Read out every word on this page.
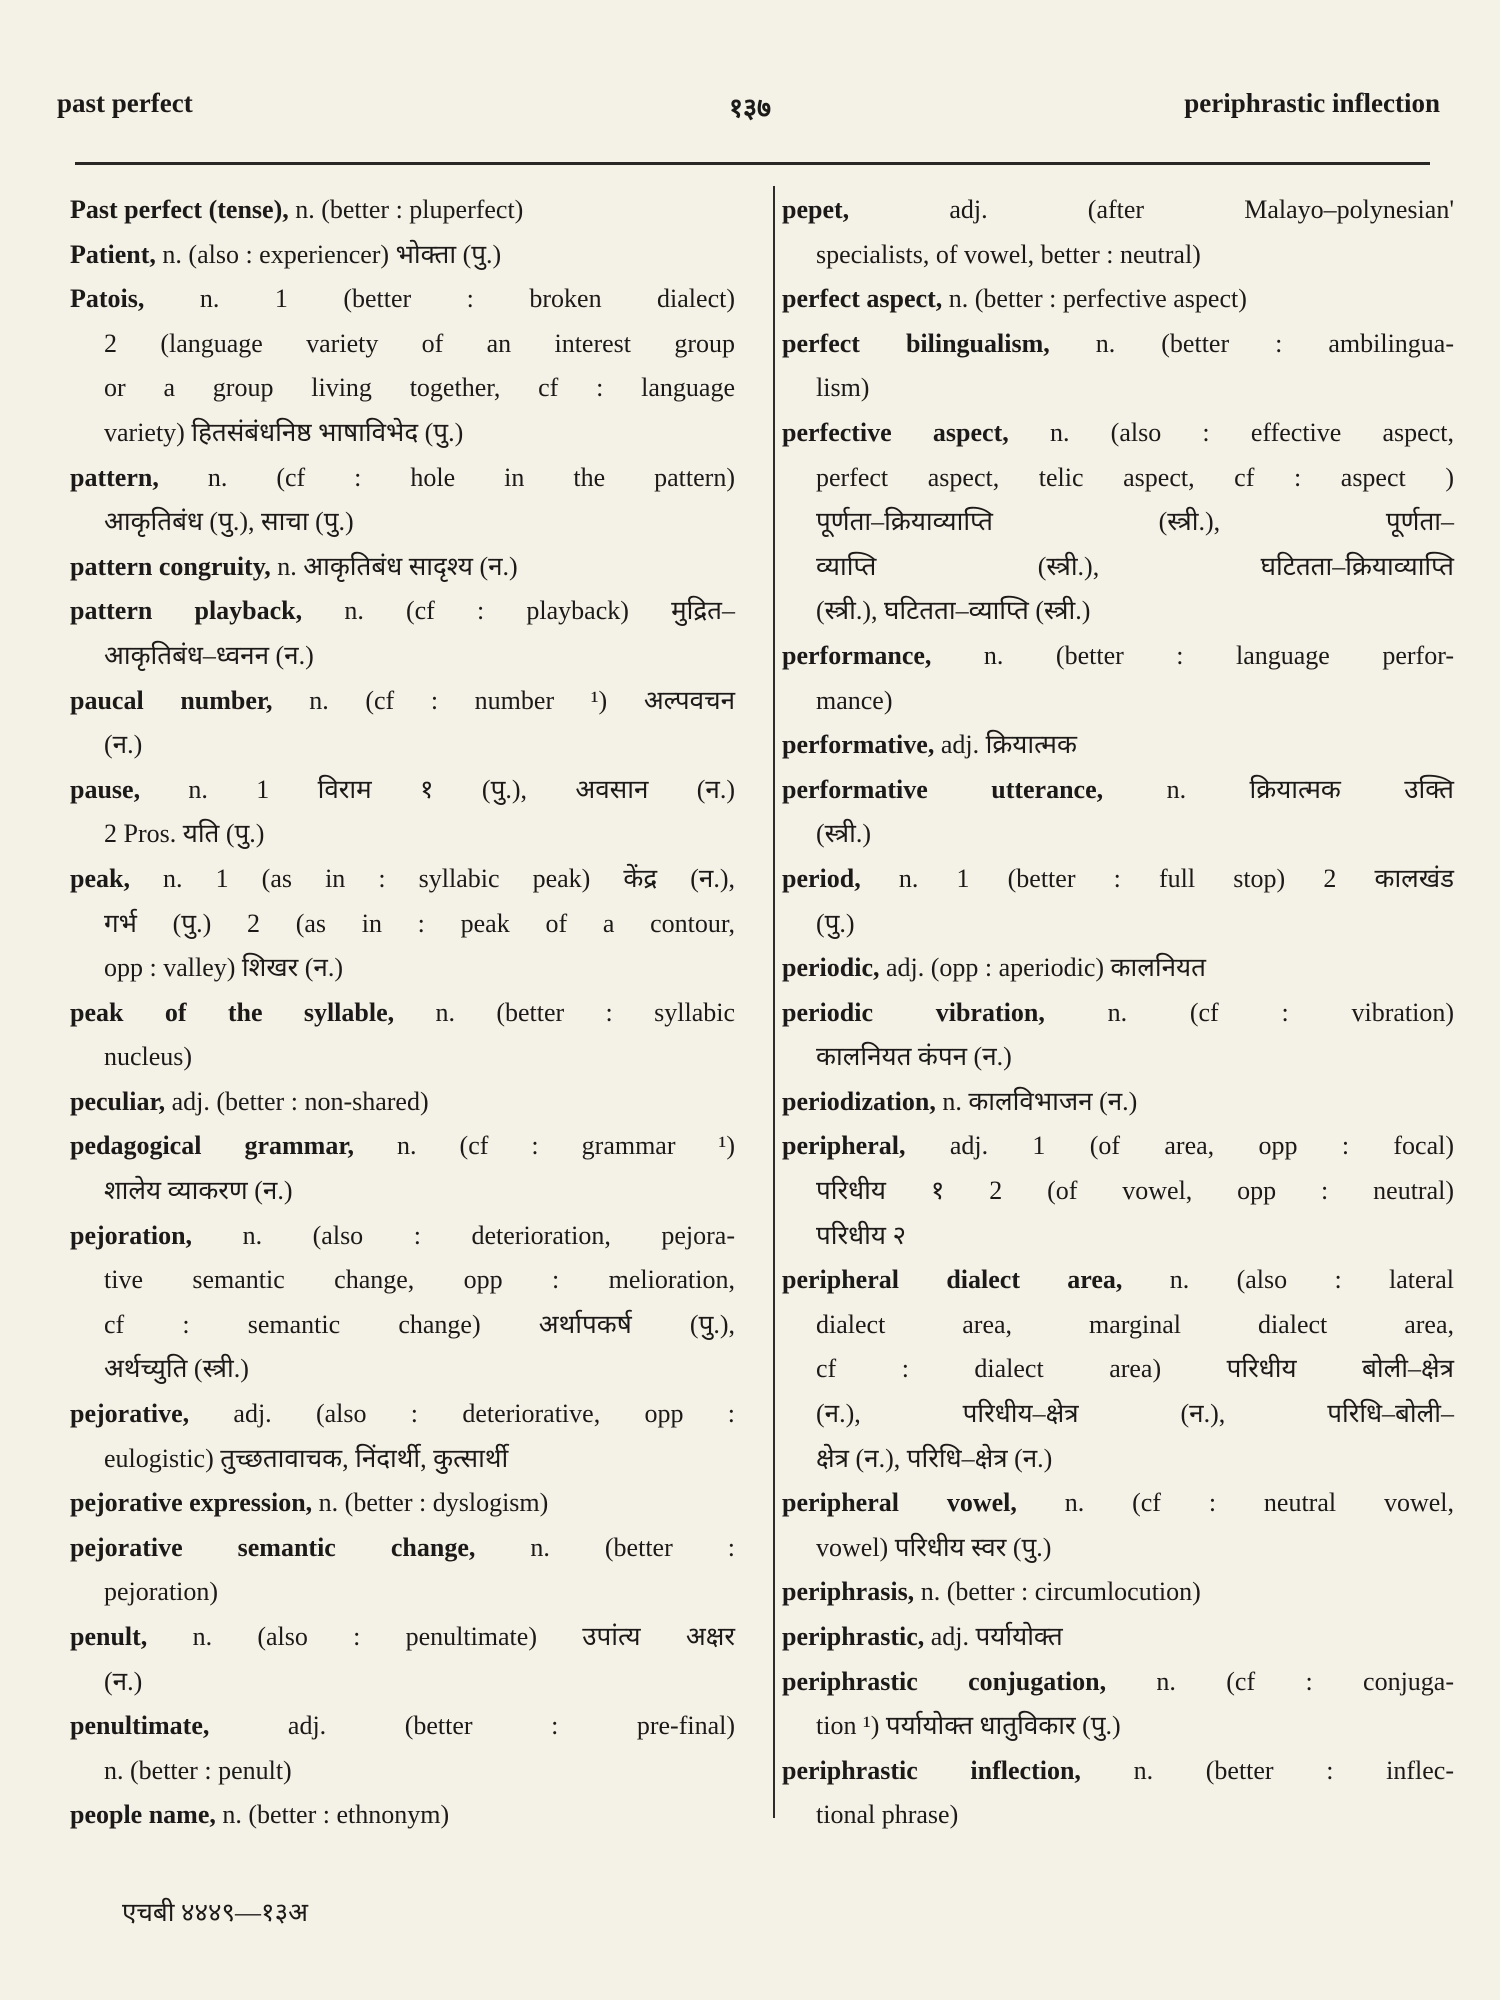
past perfect	१३७	periphrastic inflection
Past perfect (tense), n. (better : pluperfect)
Patient, n. (also : experiencer) भोक्ता (पु.)
Patois, n. 1 (better : broken dialect)
2 (language variety of an interest group
or a group living together, cf : language
variety) हितसंबंधनिष्ठ भाषाविभेद (पु.)
pattern, n. (cf : hole in the pattern)
आकृतिबंध (पु.), साचा (पु.)
pattern congruity, n. आकृतिबंध सादृश्य (न.)
pattern playback, n. (cf : playback) मुद्रित–
आकृतिबंध–ध्वनन (न.)
paucal number, n. (cf : number ¹) अल्पवचन
(न.)
pause, n. 1 विराम १ (पु.), अवसान (न.)
2 Pros. यति (पु.)
peak, n. 1 (as in : syllabic peak) केंद्र (न.),
गर्भ (पु.) 2 (as in : peak of a contour,
opp : valley) शिखर (न.)
peak of the syllable, n. (better : syllabic
nucleus)
peculiar, adj. (better : non-shared)
pedagogical grammar, n. (cf : grammar ¹)
शालेय व्याकरण (न.)
pejoration, n. (also : deterioration, pejora-
tive semantic change, opp : melioration,
cf : semantic change) अर्थापकर्ष (पु.),
अर्थच्युति (स्त्री.)
pejorative, adj. (also : deteriorative, opp :
eulogistic) तुच्छतावाचक, निंदार्थी, कुत्सार्थी
pejorative expression, n. (better : dyslogism)
pejorative semantic change, n. (better :
pejoration)
penult, n. (also : penultimate) उपांत्य अक्षर
(न.)
penultimate, adj. (better : pre-final)
n. (better : penult)
people name, n. (better : ethnonym)
pepet, adj. (after Malayo–polynesian'
specialists, of vowel, better : neutral)
perfect aspect, n. (better : perfective aspect)
perfect bilingualism, n. (better : ambilingua-
lism)
perfective aspect, n. (also : effective aspect,
perfect aspect, telic aspect, cf : aspect )
पूर्णता–क्रियाव्याप्ति (स्त्री.), पूर्णता–
व्याप्ति (स्त्री.), घटितता–क्रियाव्याप्ति
(स्त्री.), घटितता–व्याप्ति (स्त्री.)
performance, n. (better : language perfor-
mance)
performative, adj. क्रियात्मक
performative utterance, n. क्रियात्मक उक्ति
(स्त्री.)
period, n. 1 (better : full stop) 2 कालखंड
(पु.)
periodic, adj. (opp : aperiodic) कालनियत
periodic vibration, n. (cf : vibration)
कालनियत कंपन (न.)
periodization, n. कालविभाजन (न.)
peripheral, adj. 1 (of area, opp : focal)
परिधीय १ 2 (of vowel, opp : neutral)
परिधीय २
peripheral dialect area, n. (also : lateral
dialect area, marginal dialect area,
cf : dialect area) परिधीय बोली–क्षेत्र
(न.), परिधीय–क्षेत्र (न.), परिधि–बोली–
क्षेत्र (न.), परिधि–क्षेत्र (न.)
peripheral vowel, n. (cf : neutral vowel,
vowel) परिधीय स्वर (पु.)
periphrasis, n. (better : circumlocution)
periphrastic, adj. पर्यायोक्त
periphrastic conjugation, n. (cf : conjuga-
tion ¹) पर्यायोक्त धातुविकार (पु.)
periphrastic inflection, n. (better : inflec-
tional phrase)
एचबी ४४४९—१३अ
